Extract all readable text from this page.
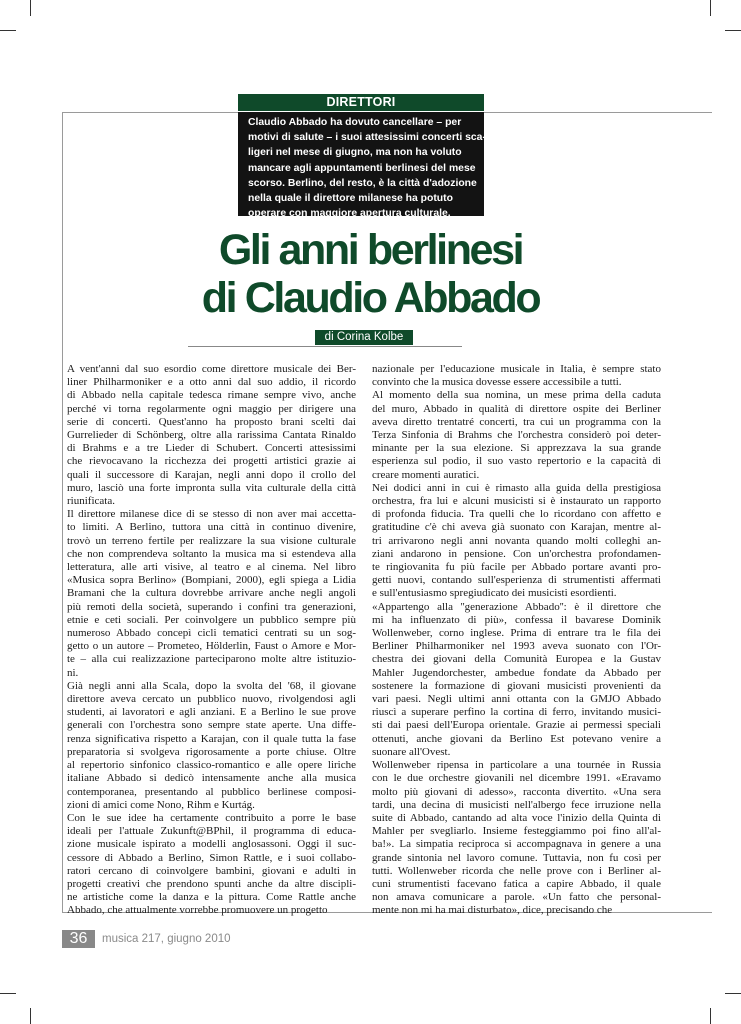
DIRETTORI
Claudio Abbado ha dovuto cancellare – per
motivi di salute – i suoi attesissimi concerti sca-
ligeri nel mese di giugno, ma non ha voluto
mancare agli appuntamenti berlinesi del mese
scorso. Berlino, del resto, è la città d'adozione
nella quale il direttore milanese ha potuto
operare con maggiore apertura culturale.
Gli anni berlinesi
di Claudio Abbado
di Corina Kolbe
A vent'anni dal suo esordio come direttore musicale dei Ber-
liner Philharmoniker e a otto anni dal suo addio, il ricordo
di Abbado nella capitale tedesca rimane sempre vivo, anche
perché vi torna regolarmente ogni maggio per dirigere una
serie di concerti. Quest'anno ha proposto brani scelti dai
Gurrelieder di Schönberg, oltre alla rarissima Cantata Rinaldo
di Brahms e a tre Lieder di Schubert. Concerti attesissimi
che rievocavano la ricchezza dei progetti artistici grazie ai
quali il successore di Karajan, negli anni dopo il crollo del
muro, lasciò una forte impronta sulla vita culturale della città
riunificata.
Il direttore milanese dice di se stesso di non aver mai accetta-
to limiti. A Berlino, tuttora una città in continuo divenire,
trovò un terreno fertile per realizzare la sua visione culturale
che non comprendeva soltanto la musica ma si estendeva alla
letteratura, alle arti visive, al teatro e al cinema. Nel libro
«Musica sopra Berlino» (Bompiani, 2000), egli spiega a Lidia
Bramani che la cultura dovrebbe arrivare anche negli angoli
più remoti della società, superando i confini tra generazioni,
etnie e ceti sociali. Per coinvolgere un pubblico sempre più
numeroso Abbado concepì cicli tematici centrati su un sog-
getto o un autore – Prometeo, Hölderlin, Faust o Amore e Mor-
te – alla cui realizzazione parteciparono molte altre istituzio-
ni.
Già negli anni alla Scala, dopo la svolta del '68, il giovane
direttore aveva cercato un pubblico nuovo, rivolgendosi agli
studenti, ai lavoratori e agli anziani. E a Berlino le sue prove
generali con l'orchestra sono sempre state aperte. Una diffe-
renza significativa rispetto a Karajan, con il quale tutta la fase
preparatoria si svolgeva rigorosamente a porte chiuse. Oltre
al repertorio sinfonico classico-romantico e alle opere liriche
italiane Abbado si dedicò intensamente anche alla musica
contemporanea, presentando al pubblico berlinese composi-
zioni di amici come Nono, Rihm e Kurtág.
Con le sue idee ha certamente contribuito a porre le base
ideali per l'attuale Zukunft@BPhil, il programma di educa-
zione musicale ispirato a modelli anglosassoni. Oggi il suc-
cessore di Abbado a Berlino, Simon Rattle, e i suoi collabo-
ratori cercano di coinvolgere bambini, giovani e adulti in
progetti creativi che prendono spunti anche da altre discipli-
ne artistiche come la danza e la pittura. Come Rattle anche
Abbado, che attualmente vorrebbe promuovere un progetto
nazionale per l'educazione musicale in Italia, è sempre stato
convinto che la musica dovesse essere accessibile a tutti.
Al momento della sua nomina, un mese prima della caduta
del muro, Abbado in qualità di direttore ospite dei Berliner
aveva diretto trentatré concerti, tra cui un programma con la
Terza Sinfonia di Brahms che l'orchestra considerò poi deter-
minante per la sua elezione. Si apprezzava la sua grande
esperienza sul podio, il suo vasto repertorio e la capacità di
creare momenti auratici.
Nei dodici anni in cui è rimasto alla guida della prestigiosa
orchestra, fra lui e alcuni musicisti si è instaurato un rapporto
di profonda fiducia. Tra quelli che lo ricordano con affetto e
gratitudine c'è chi aveva già suonato con Karajan, mentre al-
tri arrivarono negli anni novanta quando molti colleghi an-
ziani andarono in pensione. Con un'orchestra profondamen-
te ringiovanita fu più facile per Abbado portare avanti pro-
getti nuovi, contando sull'esperienza di strumentisti affermati
e sull'entusiasmo spregiudicato dei musicisti esordienti.
«Appartengo alla ''generazione Abbado'': è il direttore che
mi ha influenzato di più», confessa il bavarese Dominik
Wollenweber, corno inglese. Prima di entrare tra le fila dei
Berliner Philharmoniker nel 1993 aveva suonato con l'Or-
chestra dei giovani della Comunità Europea e la Gustav
Mahler Jugendorchester, ambedue fondate da Abbado per
sostenere la formazione di giovani musicisti provenienti da
vari paesi. Negli ultimi anni ottanta con la GMJO Abbado
riuscì a superare perfino la cortina di ferro, invitando musici-
sti dai paesi dell'Europa orientale. Grazie ai permessi speciali
ottenuti, anche giovani da Berlino Est potevano venire a
suonare all'Ovest.
Wollenweber ripensa in particolare a una tournée in Russia
con le due orchestre giovanili nel dicembre 1991. «Eravamo
molto più giovani di adesso», racconta divertito. «Una sera
tardi, una decina di musicisti nell'albergo fece irruzione nella
suite di Abbado, cantando ad alta voce l'inizio della Quinta di
Mahler per svegliarlo. Insieme festeggiammo poi fino all'al-
ba!». La simpatia reciproca si accompagnava in genere a una
grande sintonia nel lavoro comune. Tuttavia, non fu così per
tutti. Wollenweber ricorda che nelle prove con i Berliner al-
cuni strumentisti facevano fatica a capire Abbado, il quale
non amava comunicare a parole. «Un fatto che personal-
mente non mi ha mai disturbato», dice, precisando che
36	musica 217, giugno 2010
